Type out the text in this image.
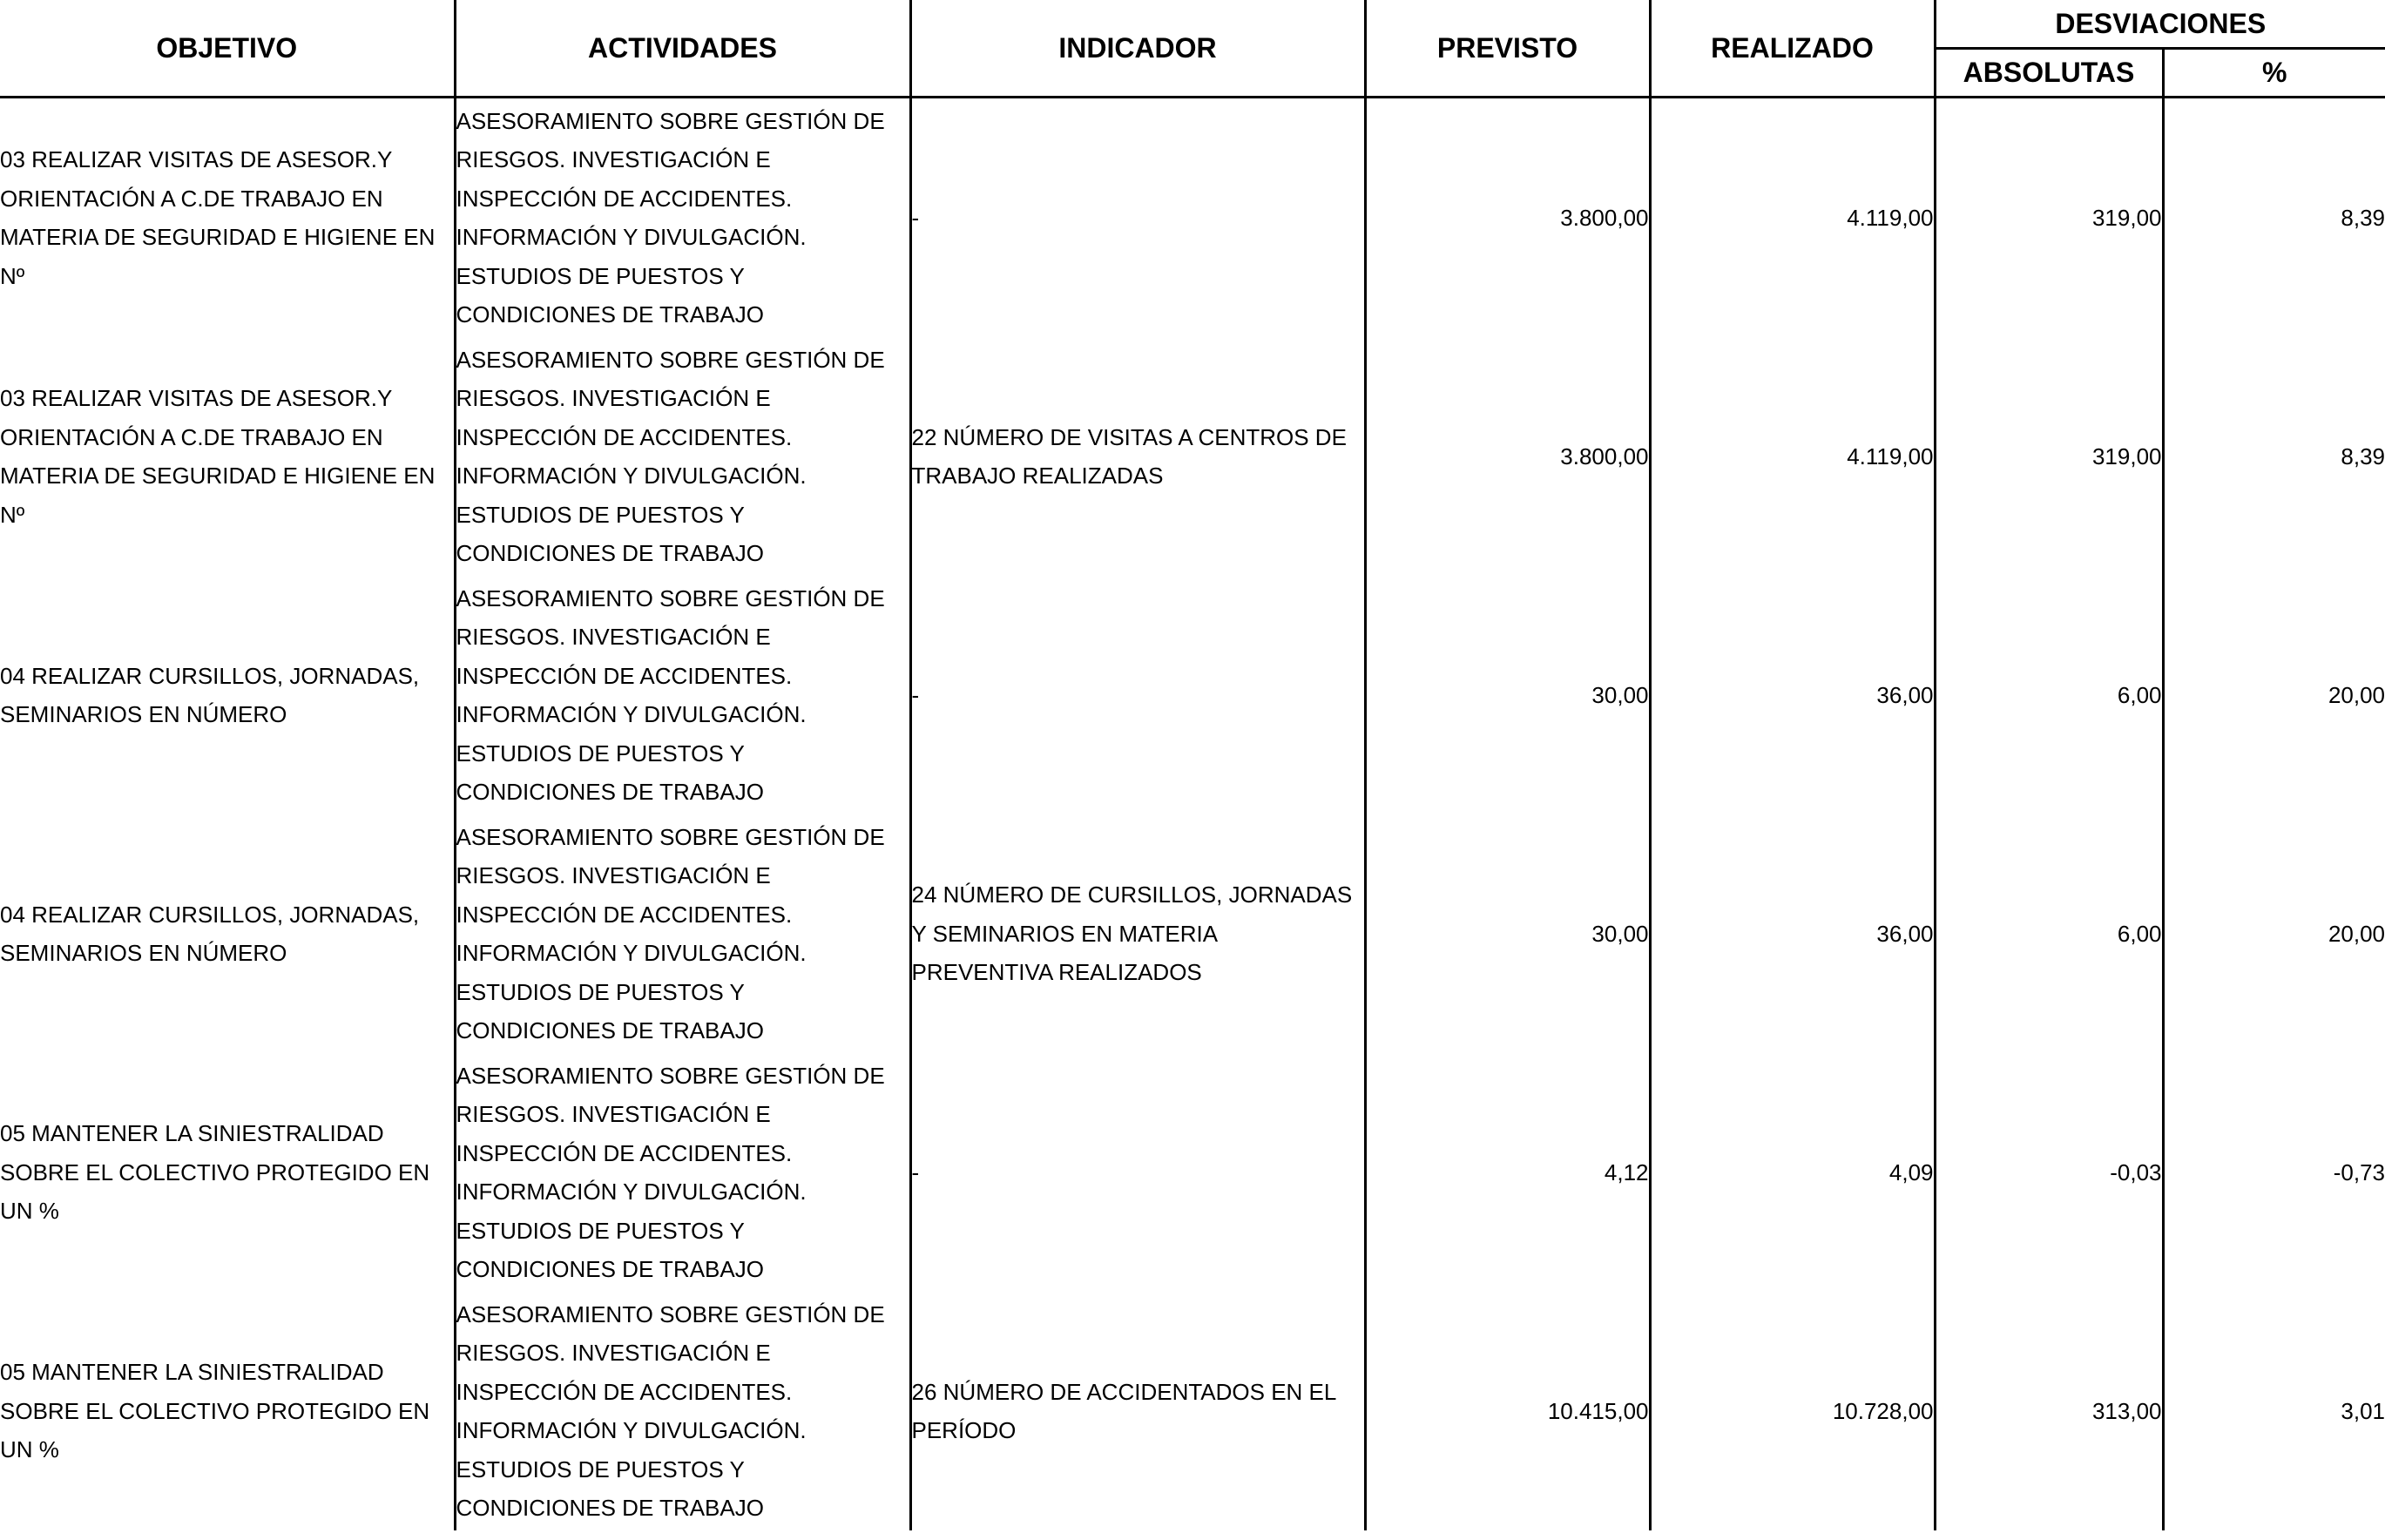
OBJETIVO	ACTIVIDADES	INDICADOR	PREVISTO	REALIZADO	DESVIACIONES	
					ABSOLUTAS	%
03 REALIZAR VISITAS DE ASESOR.Y ORIENTACIÓN A C.DE TRABAJO EN MATERIA DE SEGURIDAD E HIGIENE EN Nº	ASESORAMIENTO SOBRE GESTIÓN DE RIESGOS. INVESTIGACIÓN E INSPECCIÓN DE ACCIDENTES. INFORMACIÓN Y DIVULGACIÓN. ESTUDIOS DE PUESTOS Y CONDICIONES DE TRABAJO	-	3.800,00	4.119,00	319,00	8,39
03 REALIZAR VISITAS DE ASESOR.Y ORIENTACIÓN A C.DE TRABAJO EN MATERIA DE SEGURIDAD E HIGIENE EN Nº	ASESORAMIENTO SOBRE GESTIÓN DE RIESGOS. INVESTIGACIÓN E INSPECCIÓN DE ACCIDENTES. INFORMACIÓN Y DIVULGACIÓN. ESTUDIOS DE PUESTOS Y CONDICIONES DE TRABAJO	22 NÚMERO DE VISITAS A CENTROS DE TRABAJO REALIZADAS	3.800,00	4.119,00	319,00	8,39
04 REALIZAR CURSILLOS, JORNADAS, SEMINARIOS EN NÚMERO	ASESORAMIENTO SOBRE GESTIÓN DE RIESGOS. INVESTIGACIÓN E INSPECCIÓN DE ACCIDENTES. INFORMACIÓN Y DIVULGACIÓN. ESTUDIOS DE PUESTOS Y CONDICIONES DE TRABAJO	-	30,00	36,00	6,00	20,00
04 REALIZAR CURSILLOS, JORNADAS, SEMINARIOS EN NÚMERO	ASESORAMIENTO SOBRE GESTIÓN DE RIESGOS. INVESTIGACIÓN E INSPECCIÓN DE ACCIDENTES. INFORMACIÓN Y DIVULGACIÓN. ESTUDIOS DE PUESTOS Y CONDICIONES DE TRABAJO	24 NÚMERO DE CURSILLOS, JORNADAS Y SEMINARIOS EN MATERIA PREVENTIVA REALIZADOS	30,00	36,00	6,00	20,00
05 MANTENER LA SINIESTRALIDAD SOBRE EL COLECTIVO PROTEGIDO EN UN %	ASESORAMIENTO SOBRE GESTIÓN DE RIESGOS. INVESTIGACIÓN E INSPECCIÓN DE ACCIDENTES. INFORMACIÓN Y DIVULGACIÓN. ESTUDIOS DE PUESTOS Y CONDICIONES DE TRABAJO	-	4,12	4,09	-0,03	-0,73
05 MANTENER LA SINIESTRALIDAD SOBRE EL COLECTIVO PROTEGIDO EN UN %	ASESORAMIENTO SOBRE GESTIÓN DE RIESGOS. INVESTIGACIÓN E INSPECCIÓN DE ACCIDENTES. INFORMACIÓN Y DIVULGACIÓN. ESTUDIOS DE PUESTOS Y CONDICIONES DE TRABAJO	26 NÚMERO DE ACCIDENTADOS EN EL PERÍODO	10.415,00	10.728,00	313,00	3,01
